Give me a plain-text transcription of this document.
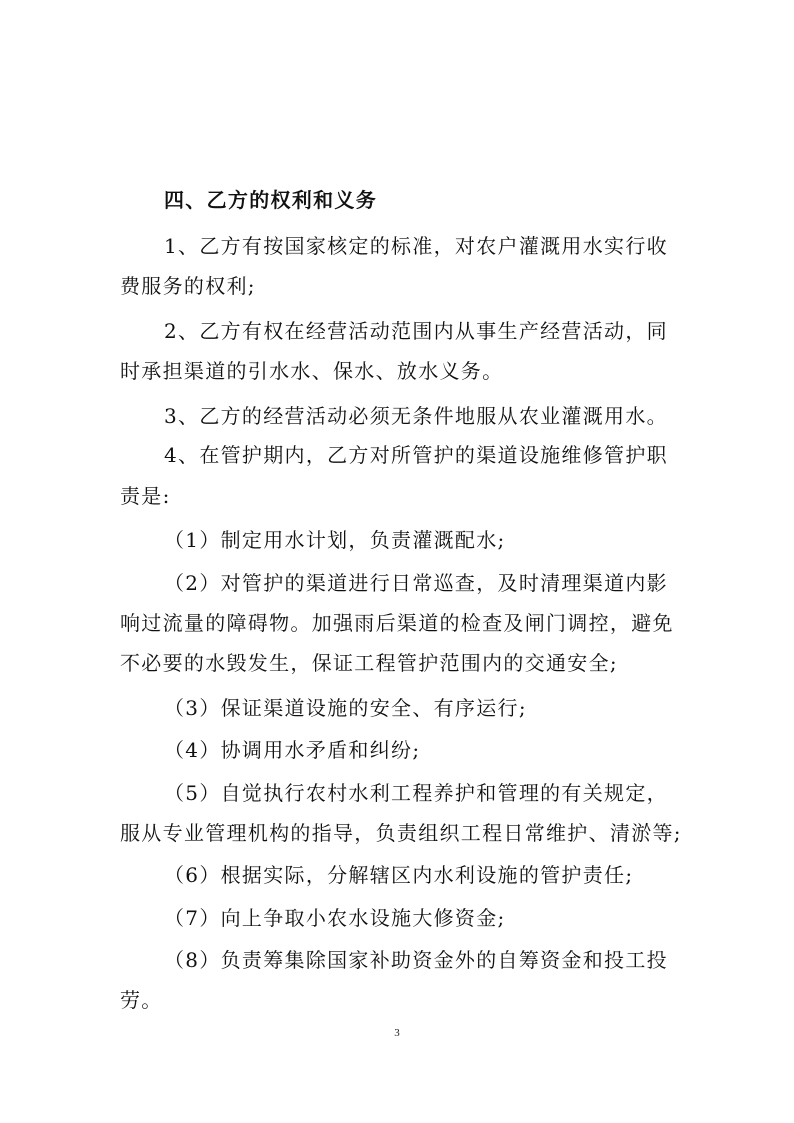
四、乙方的权利和义务
1、乙方有按国家核定的标准，对农户灌溉用水实行收
费服务的权利;
2、乙方有权在经营活动范围内从事生产经营活动，同
时承担渠道的引水水、保水、放水义务。
3、乙方的经营活动必须无条件地服从农业灌溉用水。
4、在管护期内，乙方对所管护的渠道设施维修管护职
责是:
（1）制定用水计划，负责灌溉配水;
（2）对管护的渠道进行日常巡查，及时清理渠道内影
响过流量的障碍物。加强雨后渠道的检查及闸门调控，避免
不必要的水毁发生，保证工程管护范围内的交通安全;
（3）保证渠道设施的安全、有序运行;
（4）协调用水矛盾和纠纷;
（5）自觉执行农村水利工程养护和管理的有关规定，
服从专业管理机构的指导，负责组织工程日常维护、清淤等;
（6）根据实际，分解辖区内水利设施的管护责任;
（7）向上争取小农水设施大修资金;
（8）负责筹集除国家补助资金外的自筹资金和投工投
劳。
3
